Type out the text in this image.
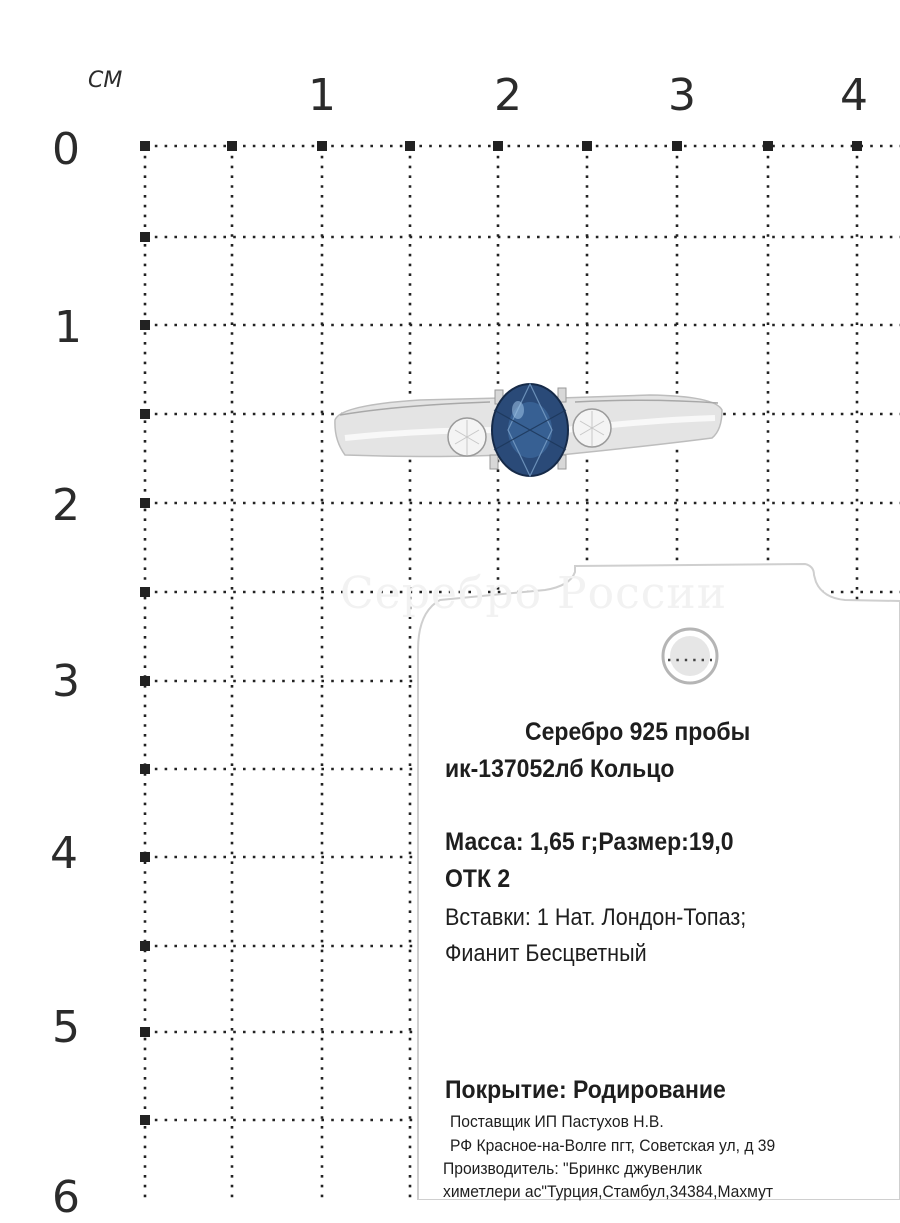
СМ	1	2	3	4
0
1
2
3
4
5
6
Серебро России
Серебро 925 пробы
ик-137052лб Кольцо
Масса: 1,65 г;Размер:19,0
ОТК 2
Вставки: 1 Нат. Лондон-Топаз;
Фианит Бесцветный
Покрытие: Родирование
Поставщик ИП Пастухов Н.В.
РФ Красное-на-Волге пгт, Советская ул, д 39
Производитель: "Бринкс джувенлик
химетлери ас"Турция,Стамбул,34384,Махмут
